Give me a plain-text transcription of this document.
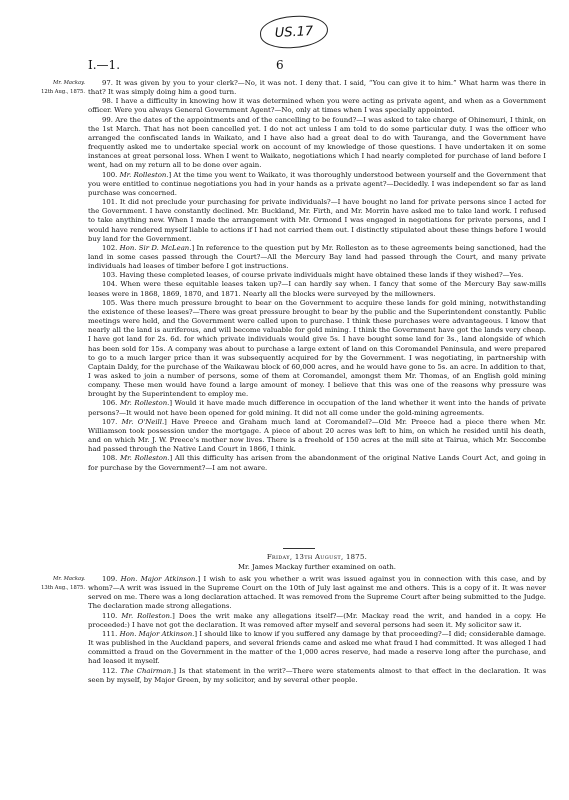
US.17
I.—1.	6
Mr. Mackay.
12th Aug., 1875.

97. It was given by you to your clerk?—No, it was not. I deny that. I said, “You can give it to him.” What harm was there in that? It was simply doing him a good turn.

98. I have a difficulty in knowing how it was determined when you were acting as private agent, and when as a Government officer. Were you always General Government Agent?—No, only at times when I was specially appointed.

99. Are the dates of the appointments and of the cancelling to be found?—I was asked to take charge of Ohinemuri, I think, on the 1st March. That has not been cancelled yet. I do not act unless I am told to do some particular duty. I was the officer who arranged the confiscated lands in Waikato, and I have also had a great deal to do with Tauranga, and the Government have frequently asked me to undertake special work on account of my knowledge of those questions. I have undertaken it on some instances at great personal loss. When I went to Waikato, negotiations which I had nearly completed for purchase of land before I went, had on my return all to be done over again.

100. Mr. Rolleston.] At the time you went to Waikato, it was thoroughly understood between yourself and the Government that you were entitled to continue negotiations you had in your hands as a private agent?—Decidedly. I was independent so far as land purchase was concerned.

101. It did not preclude your purchasing for private individuals?—I have bought no land for private persons since I acted for the Government. I have constantly declined. Mr. Buckland, Mr. Firth, and Mr. Morrin have asked me to take land work. I refused to take anything new. When I made the arrangement with Mr. Ormond I was engaged in negotiations for private persons, and I would have rendered myself liable to actions if I had not carried them out. I distinctly stipulated about these things before I would buy land for the Government.

102. Hon. Sir D. McLean.] In reference to the question put by Mr. Rolleston as to these agreements being sanctioned, had the land in some cases passed through the Court?—All the Mercury Bay land had passed through the Court, and many private individuals had leases of timber before I got instructions.

103. Having these completed leases, of course private individuals might have obtained these lands if they wished?—Yes.

104. When were these equitable leases taken up?—I can hardly say when. I fancy that some of the Mercury Bay saw-mills leases were in 1868, 1869, 1870, and 1871. Nearly all the blocks were surveyed by the millowners.

105. Was there much pressure brought to bear on the Government to acquire these lands for gold mining, notwithstanding the existence of these leases?—There was great pressure brought to bear by the public and the Superintendent constantly. Public meetings were held, and the Government were called upon to purchase. I think these purchases were advantageous. I know that nearly all the land is auriferous, and will become valuable for gold mining. I think the Government have got the lands very cheap. I have got land for 2s. 6d. for which private individuals would give 5s. I have bought some land for 3s., land alongside of which has been sold for 15s. A company was about to purchase a large extent of land on this Coromandel Peninsula, and were prepared to go to a much larger price than it was subsequently acquired for by the Government. I was negotiating, in partnership with Captain Daldy, for the purchase of the Waikawau block of 60,000 acres, and he would have gone to 5s. an acre. In addition to that, I was asked to join a number of persons, some of them at Coromandel, amongst them Mr. Thomas, of an English gold mining company. These men would have found a large amount of money. I believe that this was one of the reasons why pressure was brought by the Superintendent to employ me.

106. Mr. Rolleston.] Would it have made much difference in occupation of the land whether it went into the hands of private persons?—It would not have been opened for gold mining. It did not all come under the gold-mining agreements.

107. Mr. O'Neill.] Have Preece and Graham much land at Coromandel?—Old Mr. Preece had a piece there when Mr. Williamson took possession under the mortgage. A piece of about 20 acres was left to him, on which he resided until his death, and on which Mr. J. W. Preece's mother now lives. There is a freehold of 150 acres at the mill site at Tairua, which Mr. Seccombe had passed through the Native Land Court in 1866, I think.

108. Mr. Rolleston.] All this difficulty has arisen from the abandonment of the original Native Lands Court Act, and going in for purchase by the Government?—I am not aware.

Friday, 13th August, 1875.
Mr. James Mackay further examined on oath.
Mr. Mackay.
13th Aug., 1875.

109. Hon. Major Atkinson.] I wish to ask you whether a writ was issued against you in connection with this case, and by whom?—A writ was issued in the Supreme Court on the 10th of July last against me and others. This is a copy of it. It was never served on me. There was a long declaration attached. It was removed from the Supreme Court after being submitted to the Judge. The declaration made strong allegations.

110. Mr. Rolleston.] Does the writ make any allegations itself?—(Mr. Mackay read the writ, and handed in a copy. He proceeded:) I have not got the declaration. It was removed after myself and several persons had seen it. My solicitor saw it.

111. Hon. Major Atkinson.] I should like to know if you suffered any damage by that proceeding?—I did; considerable damage. It was published in the Auckland papers, and several friends came and asked me what fraud I had committed. It was alleged I had committed a fraud on the Government in the matter of the 1,000 acres reserve, had made a reserve long after the purchase, and had leased it myself.

112. The Chairman.] Is that statement in the writ?—There were statements almost to that effect in the declaration. It was seen by myself, by Major Green, by my solicitor, and by several other people.
